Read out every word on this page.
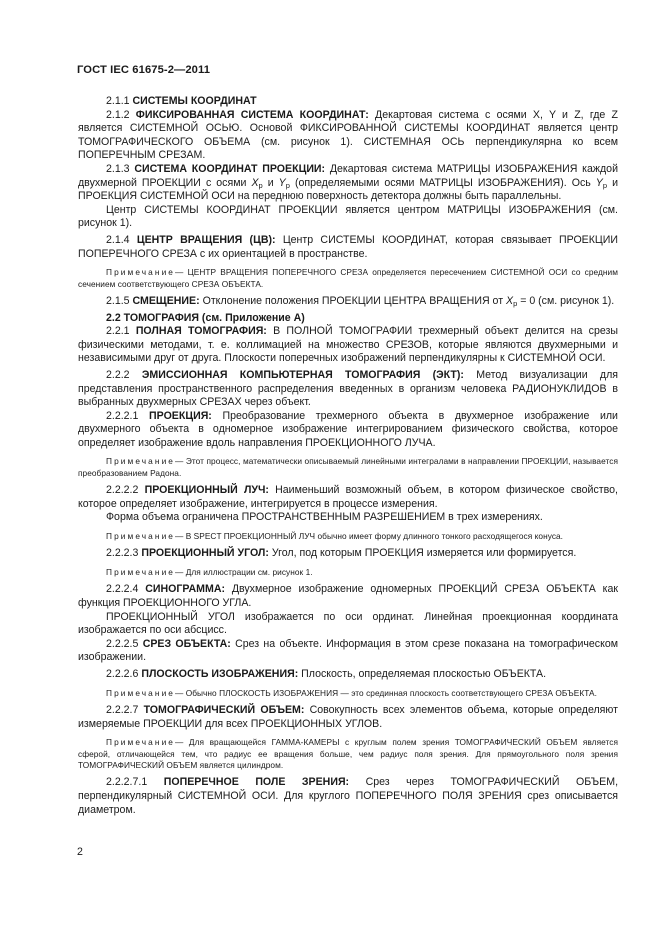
ГОСТ IEC 61675-2—2011

2.1.1 СИСТЕМЫ КООРДИНАТ

2.1.2 ФИКСИРОВАННАЯ СИСТЕМА КООРДИНАТ: Декартовая система с осями X, Y и Z, где Z является СИСТЕМНОЙ ОСЬЮ. Основой ФИКСИРОВАННОЙ СИСТЕМЫ КООРДИНАТ является центр ТОМОГРАФИЧЕСКОГО ОБЪЕМА (см. рисунок 1). СИСТЕМНАЯ ОСЬ перпендикулярна ко всем ПОПЕРЕЧНЫМ СРЕЗАМ.

2.1.3 СИСТЕМА КООРДИНАТ ПРОЕКЦИИ: Декартовая система МАТРИЦЫ ИЗОБРАЖЕНИЯ каждой двухмерной ПРОЕКЦИИ с осями $X_p$ и $Y_p$ (определяемыми осями МАТРИЦЫ ИЗОБРАЖЕНИЯ). Ось $Y_p$ и ПРОЕКЦИЯ СИСТЕМНОЙ ОСИ на переднюю поверхность детектора должны быть параллельны.

Центр СИСТЕМЫ КООРДИНАТ ПРОЕКЦИИ является центром МАТРИЦЫ ИЗОБРАЖЕНИЯ (см. рисунок 1).

2.1.4 ЦЕНТР ВРАЩЕНИЯ (ЦВ): Центр СИСТЕМЫ КООРДИНАТ, которая связывает ПРОЕКЦИИ ПОПЕРЕЧНОГО СРЕЗА с их ориентацией в пространстве.

Примечание— ЦЕНТР ВРАЩЕНИЯ ПОПЕРЕЧНОГО СРЕЗА определяется пересечением СИСТЕМНОЙ ОСИ со средним сечением соответствующего СРЕЗА ОБЪЕКТА.

2.1.5 СМЕЩЕНИЕ: Отклонение положения ПРОЕКЦИИ ЦЕНТРА ВРАЩЕНИЯ от $X_p = 0$ (см. рисунок 1).

2.2 ТОМОГРАФИЯ (см. Приложение А)

2.2.1 ПОЛНАЯ ТОМОГРАФИЯ: В ПОЛНОЙ ТОМОГРАФИИ трехмерный объект делится на срезы физическими методами, т. е. коллимацией на множество СРЕЗОВ, которые являются двухмерными и независимыми друг от друга. Плоскости поперечных изображений перпендикулярны к СИСТЕМНОЙ ОСИ.

2.2.2 ЭМИССИОННАЯ КОМПЬЮТЕРНАЯ ТОМОГРАФИЯ (ЭКТ): Метод визуализации для представления пространственного распределения введенных в организм человека РАДИОНУКЛИДОВ в выбранных двухмерных СРЕЗАХ через объект.

2.2.2.1 ПРОЕКЦИЯ: Преобразование трехмерного объекта в двухмерное изображение или двухмерного объекта в одномерное изображение интегрированием физического свойства, которое определяет изображение вдоль направления ПРОЕКЦИОННОГО ЛУЧА.

Примечание— Этот процесс, математически описываемый линейными интегралами в направлении ПРОЕКЦИИ, называется преобразованием Радона.

2.2.2.2 ПРОЕКЦИОННЫЙ ЛУЧ: Наименьший возможный объем, в котором физическое свойство, которое определяет изображение, интегрируется в процессе измерения.

Форма объема ограничена ПРОСТРАНСТВЕННЫМ РАЗРЕШЕНИЕМ в трех измерениях.

Примечание— В SPECT ПРОЕКЦИОННЫЙ ЛУЧ обычно имеет форму длинного тонкого расходящегося конуса.

2.2.2.3 ПРОЕКЦИОННЫЙ УГОЛ: Угол, под которым ПРОЕКЦИЯ измеряется или формируется.

Примечание— Для иллюстрации см. рисунок 1.

2.2.2.4 СИНОГРАММА: Двухмерное изображение одномерных ПРОЕКЦИЙ СРЕЗА ОБЪЕКТА как функция ПРОЕКЦИОННОГО УГЛА.

ПРОЕКЦИОННЫЙ УГОЛ изображается по оси ординат. Линейная проекционная координата изображается по оси абсцисс.

2.2.2.5 СРЕЗ ОБЪЕКТА: Срез на объекте. Информация в этом срезе показана на томографическом изображении.

2.2.2.6 ПЛОСКОСТЬ ИЗОБРАЖЕНИЯ: Плоскость, определяемая плоскостью ОБЪЕКТА.

Примечание— Обычно ПЛОСКОСТЬ ИЗОБРАЖЕНИЯ — это срединная плоскость соответствующего СРЕЗА ОБЪЕКТА.

2.2.2.7 ТОМОГРАФИЧЕСКИЙ ОБЪЕМ: Совокупность всех элементов объема, которые определяют измеряемые ПРОЕКЦИИ для всех ПРОЕКЦИОННЫХ УГЛОВ.

Примечание— Для вращающейся ГАММА-КАМЕРЫ с круглым полем зрения ТОМОГРАФИЧЕСКИЙ ОБЪЕМ является сферой, отличающейся тем, что радиус ее вращения больше, чем радиус поля зрения. Для прямоугольного поля зрения ТОМОГРАФИЧЕСКИЙ ОБЪЕМ является цилиндром.

2.2.2.7.1 ПОПЕРЕЧНОЕ ПОЛЕ ЗРЕНИЯ: Срез через ТОМОГРАФИЧЕСКИЙ ОБЪЕМ, перпендикулярный СИСТЕМНОЙ ОСИ. Для круглого ПОПЕРЕЧНОГО ПОЛЯ ЗРЕНИЯ срез описывается диаметром.

2
